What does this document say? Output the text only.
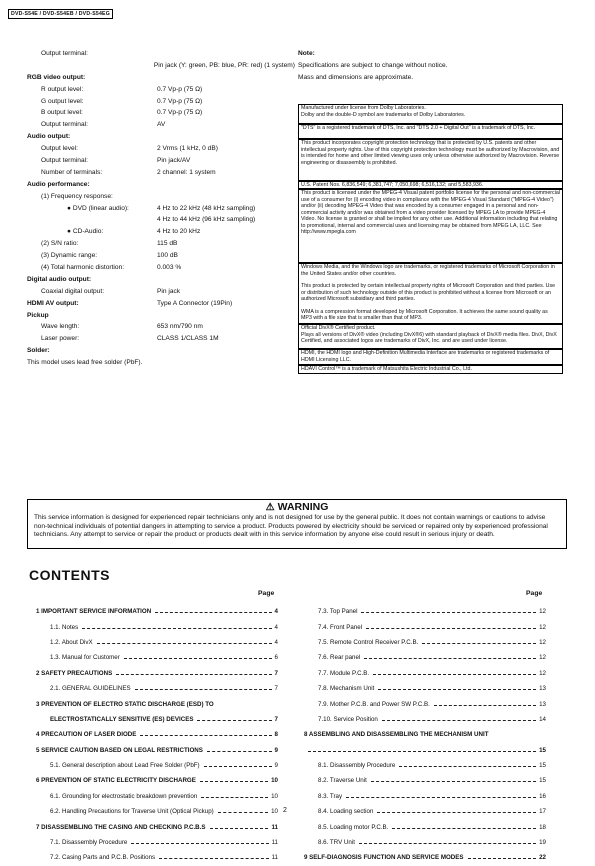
DVD-S54E / DVD-S54EB / DVD-S54EG
Output terminal:
Pin jack (Y: green, PB: blue, PR: red) (1 system)
RGB video output:
R output level:	0.7 Vp-p (75 Ω)
G output level:	0.7 Vp-p (75 Ω)
B output level:	0.7 Vp-p (75 Ω)
Output terminal:	AV
Audio output:
Output level:	2 Vrms (1 kHz, 0 dB)
Output terminal:	Pin jack/AV
Number of terminals:	2 channel: 1 system
Audio performance:
(1) Frequency response:
● DVD (linear audio):	4 Hz to 22 kHz (48 kHz sampling)
4 Hz to 44 kHz (96 kHz sampling)
● CD-Audio:	4 Hz to 20 kHz
(2) S/N ratio:	115 dB
(3) Dynamic range:	100 dB
(4) Total harmonic distortion:	0.003 %
Digital audio output:
Coaxial digital output:	Pin jack
HDMI AV output:	Type A Connector (19Pin)
Pickup
Wave length:	653 nm/790 nm
Laser power:	CLASS 1/CLASS 1M
Solder:
This model uses lead free solder (PbF).
Note:
Specifications are subject to change without notice.
Mass and dimensions are approximate.

Manufactured under license from Dolby Laboratories.

Dolby and the double-D symbol are trademarks of Dolby Laboratories.

"DTS" is a registered trademark of DTS, Inc. and "DTS 2.0 + Digital Out" is a trademark of DTS, Inc.

This product incorporates copyright protection technology that is protected by U.S. patents and other intellectual property rights. Use of this copyright protection technology must be authorized by Macrovision, and is intended for home and other limited viewing uses only unless otherwise authorized by Macrovision. Reverse engineering or disassembly is prohibited.

U.S. Patent Nos. 6,836,549; 6,381,747; 7,050,698; 6,516,132; and 5,583,936.

This product is licensed under the MPEG-4 Visual patent portfolio license for the personal and non-commercial use of a consumer for (i) encoding video in compliance with the MPEG-4 Visual Standard ("MPEG-4 Video") and/or (ii) decoding MPEG-4 Video that was encoded by a consumer engaged in a personal and non-commercial activity and/or was obtained from a video provider licensed by MPEG LA to provide MPEG-4 Video. No license is granted or shall be implied for any other use. Additional information including that relating to promotional, internal and commercial uses and licensing may be obtained from MPEG LA, LLC. See http://www.mpegla.com

Windows Media, and the Windows logo are trademarks, or registered trademarks of Microsoft Corporation in the United States and/or other countries.

This product is protected by certain intellectual property rights of Microsoft Corporation and third parties. Use or distribution of such technology outside of this product is prohibited without a license from Microsoft or an authorized Microsoft subsidiary and third parties.

WMA is a compression format developed by Microsoft Corporation. It achieves the same sound quality as MP3 with a file size that is smaller than that of MP3.

Official DivX® Certified product.

Plays all versions of DivX® video (including DivX®6) with standard playback of DivX® media files. DivX, DivX Certified, and associated logos are trademarks of DivX, Inc. and are used under license.

HDMI, the HDMI logo and High-Definition Multimedia Interface are trademarks or registered trademarks of HDMI Licensing LLC.

HDAVI Control™ is a trademark of Matsushita Electric Industrial Co., Ltd.

⚠ WARNING
This service information is designed for experienced repair technicians only and is not designed for use by the general public. It does not contain warnings or cautions to advise non-technical individuals of potential dangers in attempting to service a product. Products powered by electricity should be serviced or repaired only by experienced professional technicians. Any attempt to service or repair the product or products dealt with in this service information by anyone else could result in serious injury or death.
CONTENTS
Page	Page
1 IMPORTANT SERVICE INFORMATION	4
1.1. Notes	4
1.2. About DivX	4
1.3. Manual for Customer	6
2 SAFETY PRECAUTIONS	7
2.1. GENERAL GUIDELINES	7
3 PREVENTION OF ELECTRO STATIC DISCHARGE (ESD) TO
ELECTROSTATICALLY SENSITIVE (ES) DEVICES	7
4 PRECAUTION OF LASER DIODE	8
5 SERVICE CAUTION BASED ON LEGAL RESTRICTIONS	9
5.1. General description about Lead Free Solder (PbF)	9
6 PREVENTION OF STATIC ELECTRICITY DISCHARGE	10
6.1. Grounding for electrostatic breakdown prevention	10
6.2. Handling Precautions for Traverse Unit (Optical Pickup)	10
7 DISASSEMBLING THE CASING AND CHECKING P.C.B.S	11
7.1. Disassembly Procedure	11
7.2. Casing Parts and P.C.B. Positions	11
7.3. Top Panel	12
7.4. Front Panel	12
7.5. Remote Control Receiver P.C.B.	12
7.6. Rear panel	12
7.7. Module P.C.B.	12
7.8. Mechanism Unit	13
7.9. Mother P.C.B. and Power SW P.C.B.	13
7.10. Service Position	14
8 ASSEMBLING AND DISASSEMBLING THE MECHANISM UNIT
15
8.1. Disassembly Procedure	15
8.2. Traverse Unit	15
8.3. Tray	16
8.4. Loading section	17
8.5. Loading motor P.C.B.	18
8.6. TRV Unit	19
9 SELF-DIAGNOSIS FUNCTION AND SERVICE MODES	22
2
